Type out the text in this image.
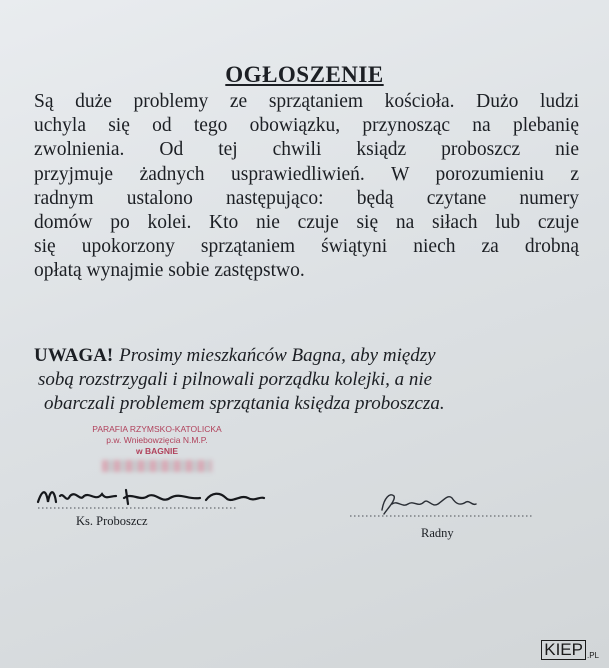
OGŁOSZENIE
Są duże problemy ze sprzątaniem kościoła. Dużo ludzi
uchyla się od tego obowiązku, przynosząc na plebanię
zwolnienia. Od tej chwili ksiądz proboszcz nie
przyjmuje żadnych usprawiedliwień. W porozumieniu z
radnym ustalono następująco: będą czytane numery
domów po kolei. Kto nie czuje się na siłach lub czuje
się upokorzony sprzątaniem świątyni niech za drobną
opłatą wynajmie sobie zastępstwo.
UWAGA! Prosimy mieszkańców Bagna, aby między
sobą rozstrzygali i pilnowali porządku kolejki, a nie
obarczali problemem sprzątania księdza proboszcza.
PARAFIA RZYMSKO-KATOLICKA
p.w. Wniebowzięcia N.M.P.
w BAGNIE
Ks. Proboszcz
Radny
KIEP .PL
